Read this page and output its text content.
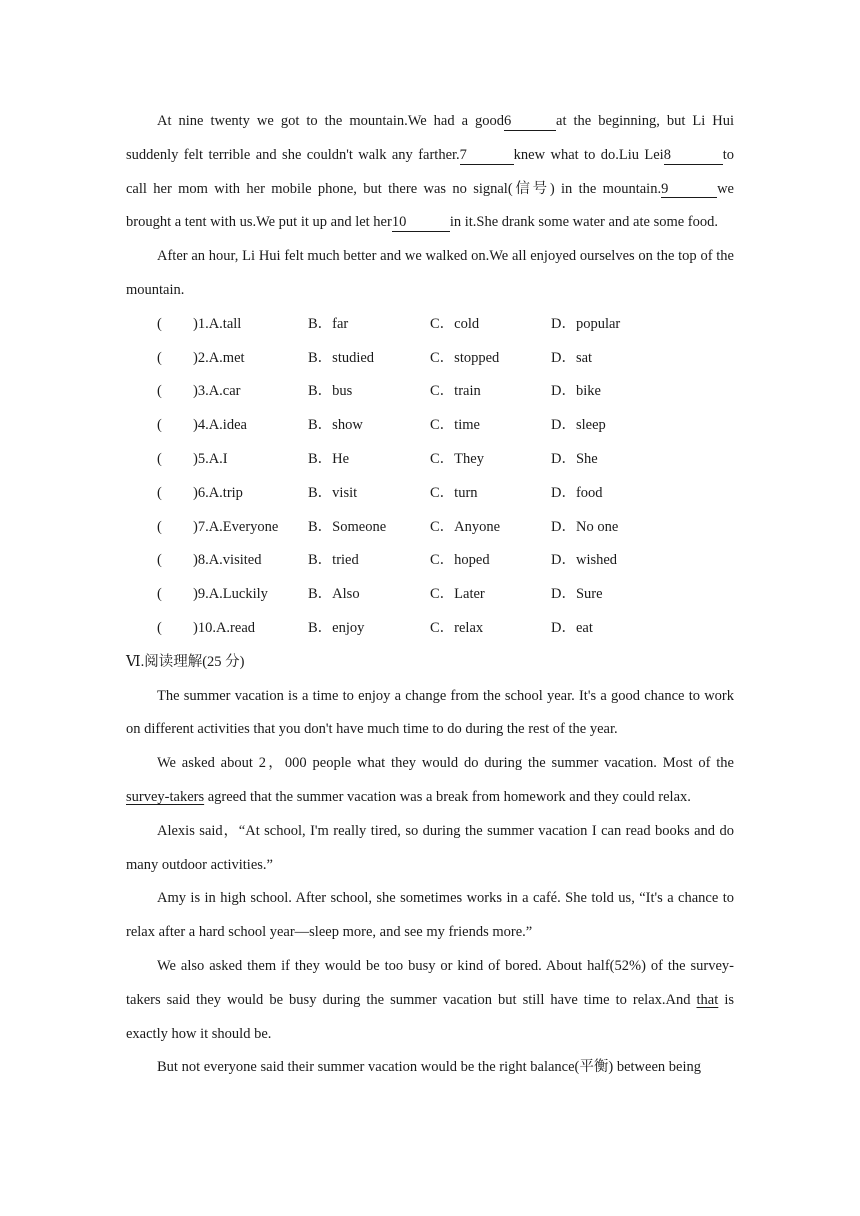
At nine twenty we got to the mountain.We had a good6	at the beginning, but Li Hui suddenly felt terrible and she couldn't walk any farther.7	knew what to do.Liu Lei8	to call her mom with her mobile phone, but there was no signal(信号) in the mountain.9	we brought a tent with us.We put it up and let her10	in it.She drank some water and ate some food.

After an hour, Li Hui felt much better and we walked on.We all enjoyed ourselves on the top of the mountain.

( )1.A.tall	B．far	C．cold	D．popular
( )2.A.met	B．studied	C．stopped	D．sat
( )3.A.car	B．bus	C．train	D．bike
( )4.A.idea	B．show	C．time	D．sleep
( )5.A.I	B．He	C．They	D．She
( )6.A.trip	B．visit	C．turn	D．food
( )7.A.Everyone B．Someone	C．Anyone	D．No one
( )8.A.visited	B．tried	C．hoped	D．wished
( )9.A.Luckily	B．Also	C．Later	D．Sure
( )10.A.read	B．enjoy	C．relax	D．eat
Ⅵ.阅读理解(25 分)

The summer vacation is a time to enjoy a change from the school year. It's a good chance to work on different activities that you don't have much time to do during the rest of the year.

We asked about 2，000 people what they would do during the summer vacation. Most of the survey‐takers agreed that the summer vacation was a break from homework and they could relax.

Alexis said，“At school, I'm really tired, so during the summer vacation I can read books and do many outdoor activities.”

Amy is in high school. After school, she sometimes works in a café. She told us, “It's a chance to relax after a hard school year—sleep more, and see my friends more.”

We also asked them if they would be too busy or kind of bored. About half(52%) of the survey-takers said they would be busy during the summer vacation but still have time to relax.And that is exactly how it should be.

But not everyone said their summer vacation would be the right balance(平衡) between being
